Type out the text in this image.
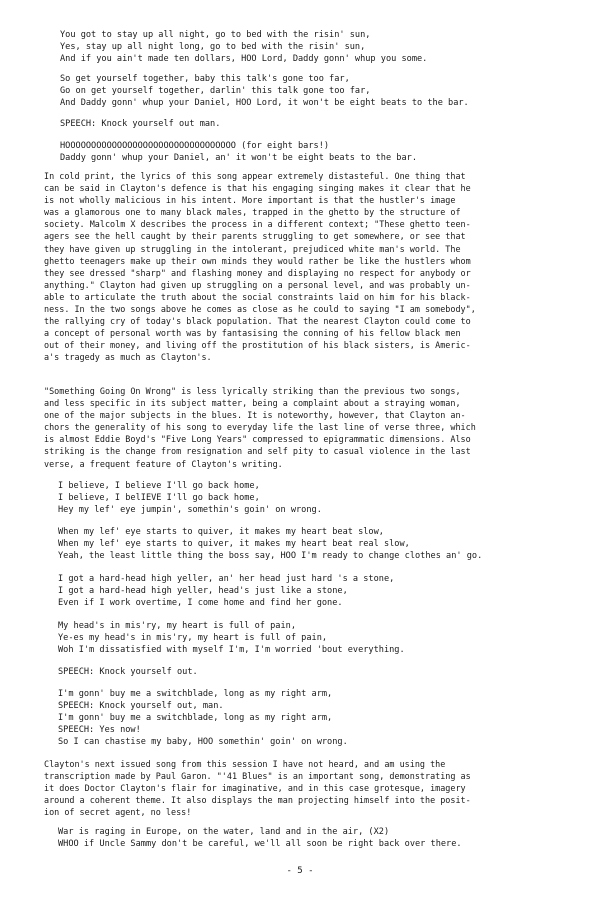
You got to stay up all night, go to bed with the risin' sun,
Yes, stay up all night long, go to bed with the risin' sun,
And if you ain't made ten dollars, HOO Lord, Daddy gonn' whup you some.
So get yourself together, baby this talk's gone too far,
Go on get yourself together, darlin' this talk gone too far,
And Daddy gonn' whup your Daniel, HOO Lord, it won't be eight beats to the bar.
SPEECH: Knock yourself out man.
HOOOOOOOOOOOOOOOOOOOOOOOOOOOOOOOOO (for eight bars!)
Daddy gonn' whup your Daniel, an' it won't be eight beats to the bar.
In cold print, the lyrics of this song appear extremely distasteful. One thing that
can be said in Clayton's defence is that his engaging singing makes it clear that he
is not wholly malicious in his intent. More important is that the hustler's image
was a glamorous one to many black males, trapped in the ghetto by the structure of
society. Malcolm X describes the process in a different context; "These ghetto teen-
agers see the hell caught by their parents struggling to get somewhere, or see that
they have given up struggling in the intolerant, prejudiced white man's world. The
ghetto teenagers make up their own minds they would rather be like the hustlers whom
they see dressed "sharp" and flashing money and displaying no respect for anybody or
anything." Clayton had given up struggling on a personal level, and was probably un-
able to articulate the truth about the social constraints laid on him for his black-
ness. In the two songs above he comes as close as he could to saying "I am somebody",
the rallying cry of today's black population. That the nearest Clayton could come to
a concept of personal worth was by fantasising the conning of his fellow black men
out of their money, and living off the prostitution of his black sisters, is Americ-
a's tragedy as much as Clayton's.
"Something Going On Wrong" is less lyrically striking than the previous two songs,
and less specific in its subject matter, being a complaint about a straying woman,
one of the major subjects in the blues. It is noteworthy, however, that Clayton an-
chors the generality of his song to everyday life the last line of verse three, which
is almost Eddie Boyd's "Five Long Years" compressed to epigrammatic dimensions. Also
striking is the change from resignation and self pity to casual violence in the last
verse, a frequent feature of Clayton's writing.
I believe, I believe I'll go back home,
I believe, I belIEVE I'll go back home,
Hey my lef' eye jumpin', somethin's goin' on wrong.
When my lef' eye starts to quiver, it makes my heart beat slow,
When my lef' eye starts to quiver, it makes my heart beat real slow,
Yeah, the least little thing the boss say, HOO I'm ready to change clothes an' go.
I got a hard-head high yeller, an' her head just hard 's a stone,
I got a hard-head high yeller, head's just like a stone,
Even if I work overtime, I come home and find her gone.
My head's in mis'ry, my heart is full of pain,
Ye-es my head's in mis'ry, my heart is full of pain,
Woh I'm dissatisfied with myself I'm, I'm worried 'bout everything.
SPEECH: Knock yourself out.
I'm gonn' buy me a switchblade, long as my right arm,
SPEECH: Knock yourself out, man.
I'm gonn' buy me a switchblade, long as my right arm,
SPEECH: Yes now!
So I can chastise my baby, HOO somethin' goin' on wrong.
Clayton's next issued song from this session I have not heard, and am using the
transcription made by Paul Garon. "'41 Blues" is an important song, demonstrating as
it does Doctor Clayton's flair for imaginative, and in this case grotesque, imagery
around a coherent theme. It also displays the man projecting himself into the posit-
ion of secret agent, no less!
War is raging in Europe, on the water, land and in the air, (X2)
WHOO if Uncle Sammy don't be careful, we'll all soon be right back over there.

- 5 -
